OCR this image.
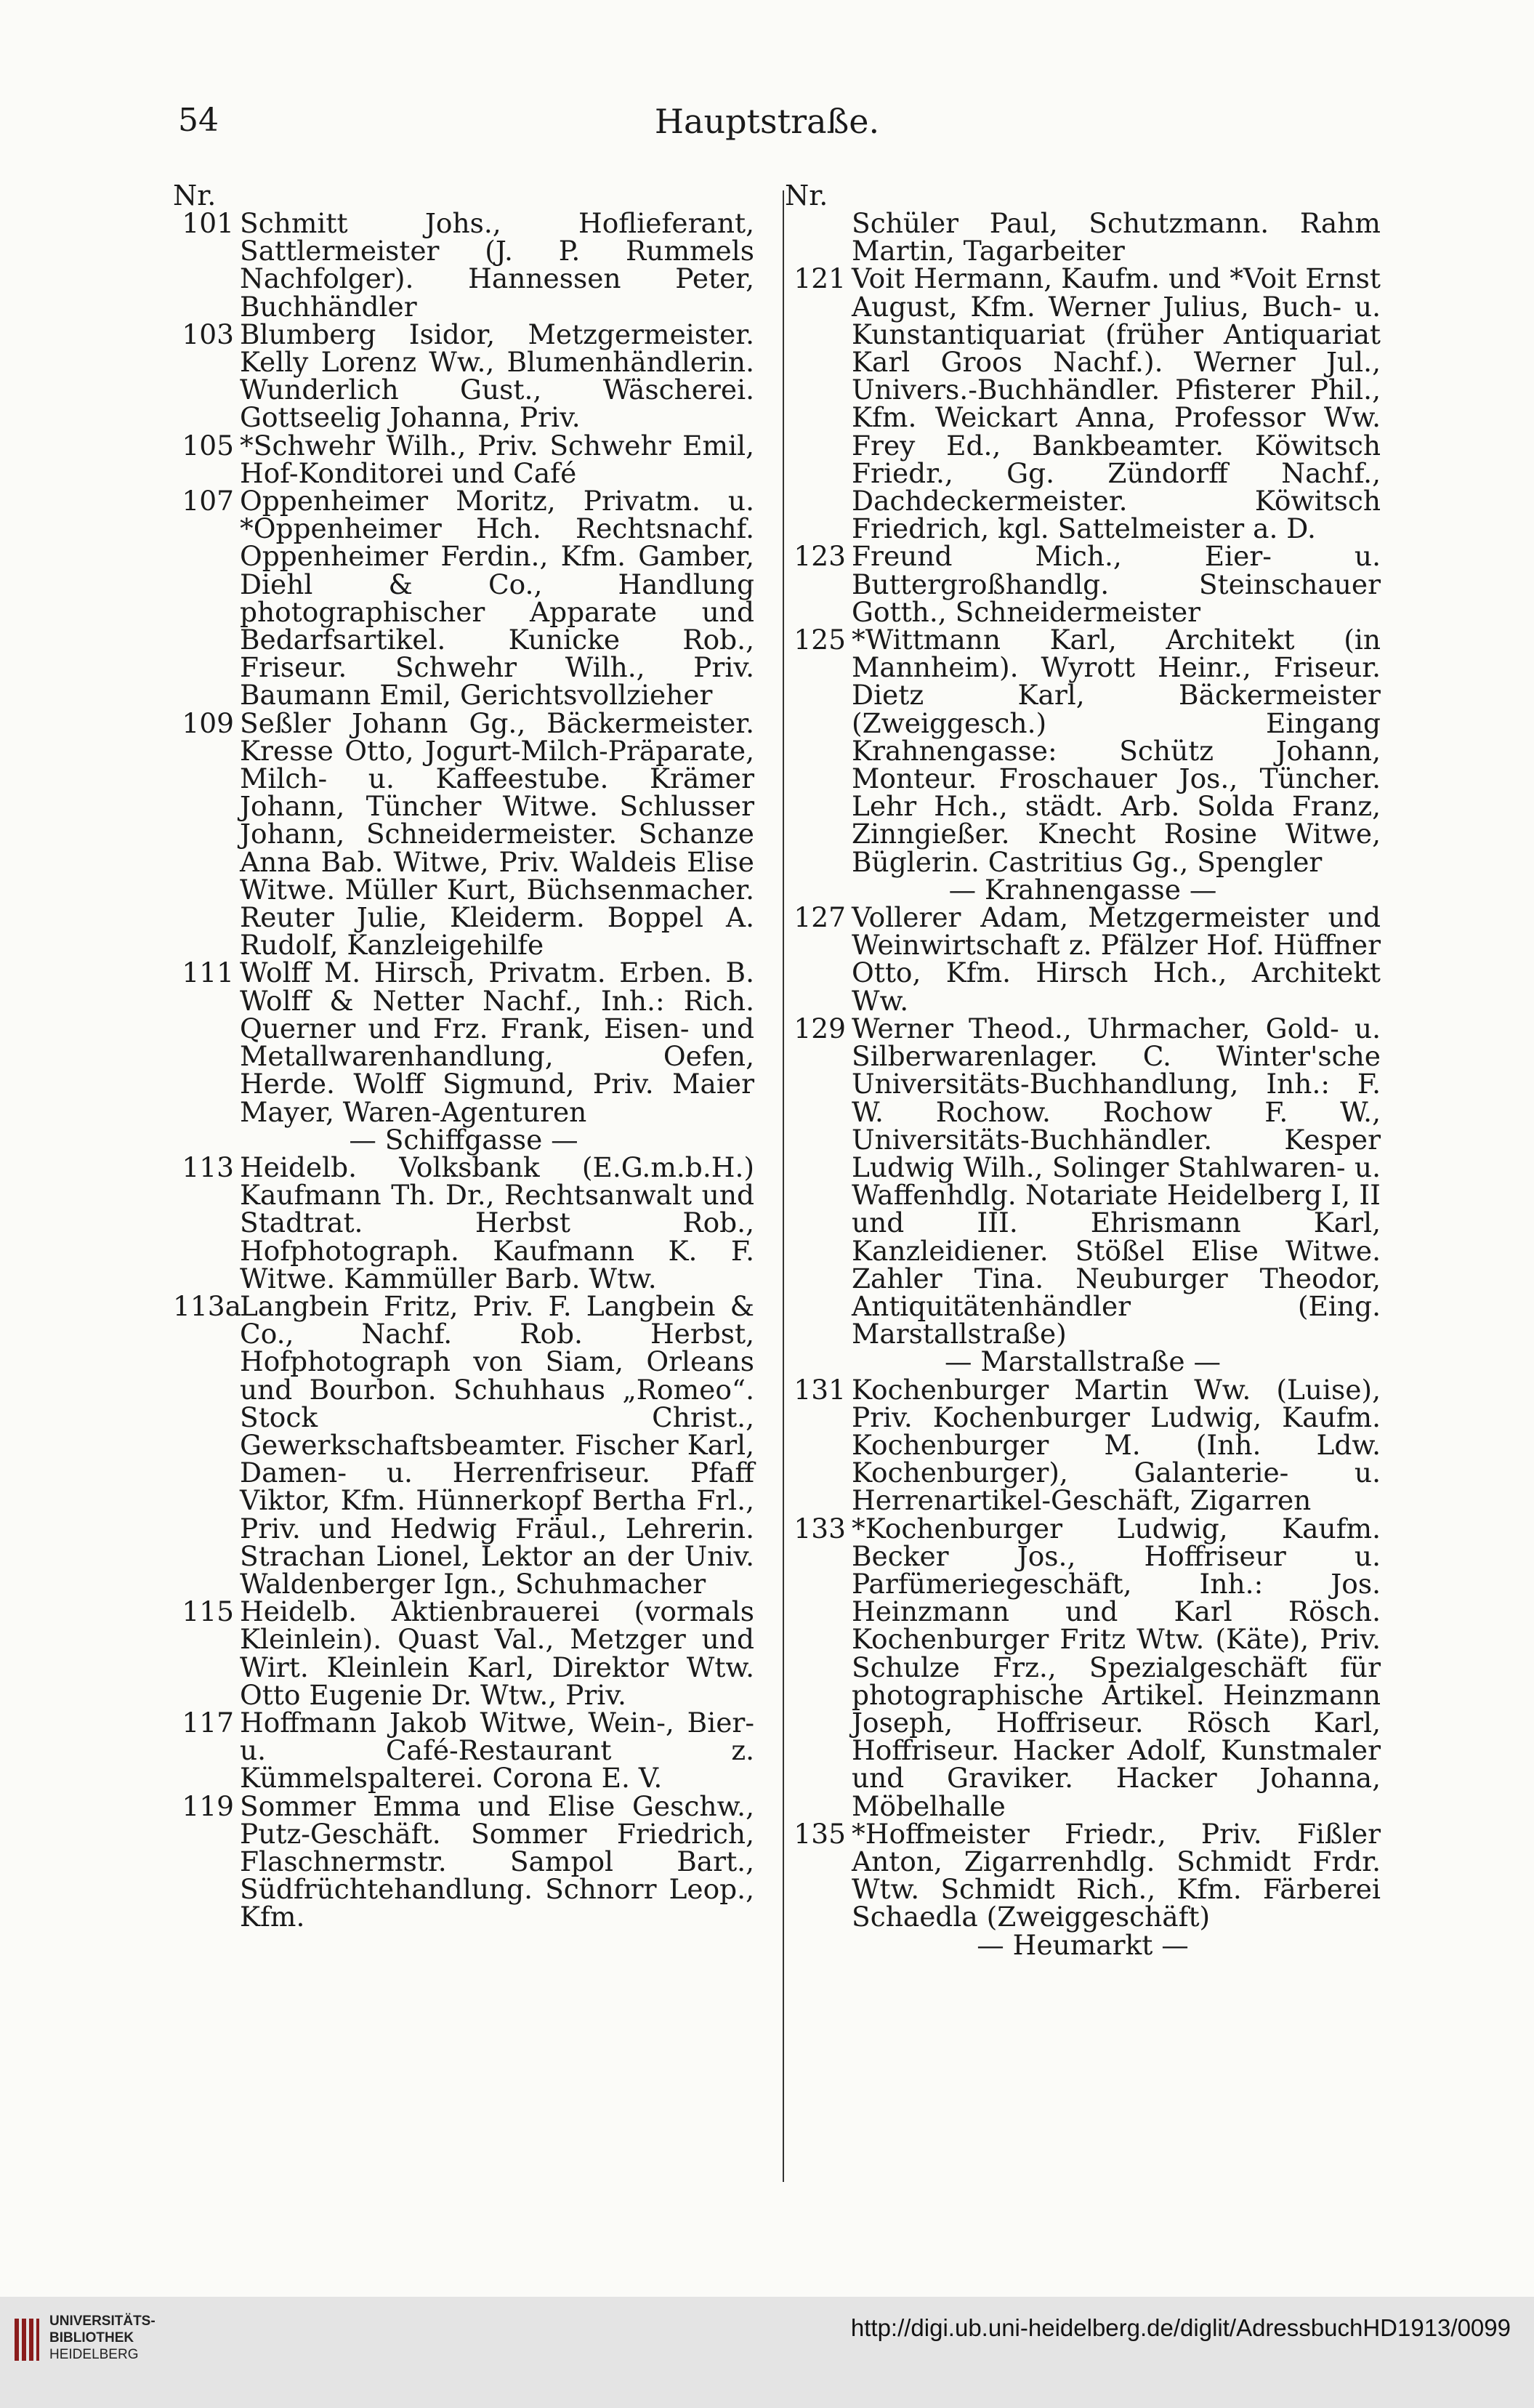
54	Hauptstraße.
Nr.
101 Schmitt Johs., Hoflieferant, Sattlermeister (J. P. Rummels Nachfolger). Hannessen Peter, Buchhändler

103 Blumberg Isidor, Metzgermeister. Kelly Lorenz Ww., Blumenhändlerin. Wunderlich Gust., Wäscherei. Gottseelig Johanna, Priv.

105 *Schwehr Wilh., Priv. Schwehr Emil, Hof-Konditorei und Café

107 Oppenheimer Moritz, Privatm. u. *Oppenheimer Hch. Rechtsnachf. Oppenheimer Ferdin., Kfm. Gamber, Diehl & Co., Handlung photographischer Apparate und Bedarfsartikel. Kunicke Rob., Friseur. Schwehr Wilh., Priv. Baumann Emil, Gerichtsvollzieher

109 Seßler Johann Gg., Bäckermeister. Kresse Otto, Jogurt-Milch-Präparate, Milch- u. Kaffeestube. Krämer Johann, Tüncher Witwe. Schlusser Johann, Schneidermeister. Schanze Anna Bab. Witwe, Priv. Waldeis Elise Witwe. Müller Kurt, Büchsenmacher. Reuter Julie, Kleiderm. Boppel A. Rudolf, Kanzleigehilfe

111 Wolff M. Hirsch, Privatm. Erben. B. Wolff & Netter Nachf., Inh.: Rich. Querner und Frz. Frank, Eisen- und Metallwarenhandlung, Oefen, Herde. Wolff Sigmund, Priv. Maier Mayer, Waren-Agenturen

— Schiffgasse —

113 Heidelb. Volksbank (E.G.m.b.H.) Kaufmann Th. Dr., Rechtsanwalt und Stadtrat. Herbst Rob., Hofphotograph. Kaufmann K. F. Witwe. Kammüller Barb. Wtw.

113a

Langbein Fritz, Priv. F. Langbein & Co., Nachf. Rob. Herbst, Hofphotograph von Siam, Orleans und Bourbon. Schuhhaus „Romeo“. Stock Christ., Gewerkschaftsbeamter. Fischer Karl, Damen- u. Herrenfriseur. Pfaff Viktor, Kfm. Hünnerkopf Bertha Frl., Priv. und Hedwig Fräul., Lehrerin. Strachan Lionel, Lektor an der Univ. Waldenberger Ign., Schuhmacher

115 Heidelb. Aktienbrauerei (vormals Kleinlein). Quast Val., Metzger und Wirt. Kleinlein Karl, Direktor Wtw. Otto Eugenie Dr. Wtw., Priv.

117 Hoffmann Jakob Witwe, Wein-, Bier- u. Café-Restaurant z. Kümmelspalterei. Corona E. V.

119 Sommer Emma und Elise Geschw., Putz-Geschäft. Sommer Friedrich, Flaschnermstr. Sampol Bart., Südfrüchtehandlung. Schnorr Leop., Kfm.

Nr.

Schüler Paul, Schutzmann. Rahm Martin, Tagarbeiter

121 Voit Hermann, Kaufm. und *Voit Ernst August, Kfm. Werner Julius, Buch- u. Kunstantiquariat (früher Antiquariat Karl Groos Nachf.). Werner Jul., Univers.-Buchhändler. Pfisterer Phil., Kfm. Weickart Anna, Professor Ww. Frey Ed., Bankbeamter. Köwitsch Friedr., Gg. Zündorff Nachf., Dachdeckermeister. Köwitsch Friedrich, kgl. Sattelmeister a. D.

123 Freund Mich., Eier- u. Buttergroßhandlg. Steinschauer Gotth., Schneidermeister

125 *Wittmann Karl, Architekt (in Mannheim). Wyrott Heinr., Friseur. Dietz Karl, Bäckermeister (Zweiggesch.) Eingang Krahnengasse: Schütz Johann, Monteur. Froschauer Jos., Tüncher. Lehr Hch., städt. Arb. Solda Franz, Zinngießer. Knecht Rosine Witwe, Büglerin. Castritius Gg., Spengler

— Krahnengasse —

127 Vollerer Adam, Metzgermeister und Weinwirtschaft z. Pfälzer Hof. Hüffner Otto, Kfm. Hirsch Hch., Architekt Ww.

129 Werner Theod., Uhrmacher, Gold- u. Silberwarenlager. C. Winter'sche Universitäts-Buchhandlung, Inh.: F. W. Rochow. Rochow F. W., Universitäts-Buchhändler. Kesper Ludwig Wilh., Solinger Stahlwaren- u. Waffenhdlg. Notariate Heidelberg I, II und III. Ehrismann Karl, Kanzleidiener. Stößel Elise Witwe. Zahler Tina. Neuburger Theodor, Antiquitätenhändler (Eing. Marstallstraße)

— Marstallstraße —

131 Kochenburger Martin Ww. (Luise), Priv. Kochenburger Ludwig, Kaufm. Kochenburger M. (Inh. Ldw. Kochenburger), Galanterie- u. Herrenartikel-Geschäft, Zigarren

133 *Kochenburger Ludwig, Kaufm. Becker Jos., Hoffriseur u. Parfümeriegeschäft, Inh.: Jos. Heinzmann und Karl Rösch. Kochenburger Fritz Wtw. (Käte), Priv. Schulze Frz., Spezialgeschäft für photographische Artikel. Heinzmann Joseph, Hoffriseur. Rösch Karl, Hoffriseur. Hacker Adolf, Kunstmaler und Graviker. Hacker Johanna, Möbelhalle

135 *Hoffmeister Friedr., Priv. Fißler Anton, Zigarrenhdlg. Schmidt Frdr. Wtw. Schmidt Rich., Kfm. Färberei Schaedla (Zweiggeschäft)

— Heumarkt —

UNIVERSITÄTS-
BIBLIOTHEK
HEIDELBERG
http://digi.ub.uni-heidelberg.de/diglit/AdressbuchHD1913/0099
